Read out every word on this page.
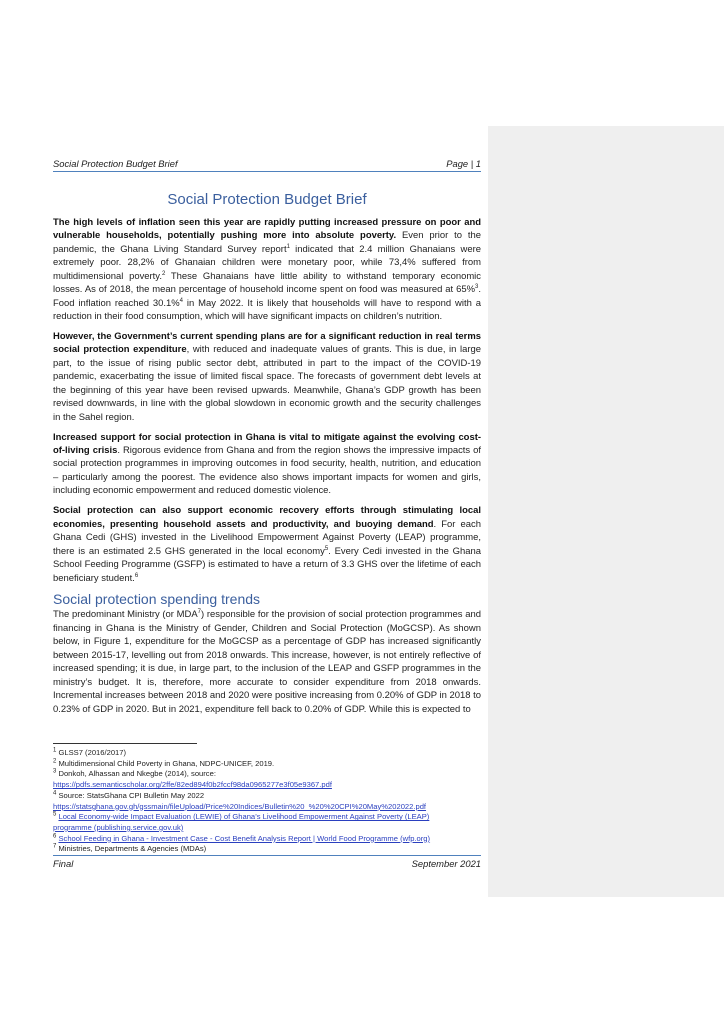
Social Protection Budget Brief	Page | 1
Social Protection Budget Brief

The high levels of inflation seen this year are rapidly putting increased pressure on poor and vulnerable households, potentially pushing more into absolute poverty. Even prior to the pandemic, the Ghana Living Standard Survey report$^1$ indicated that 2.4 million Ghanaians were extremely poor. 28,2% of Ghanaian children were monetary poor, while 73,4% suffered from multidimensional poverty.$^2$ These Ghanaians have little ability to withstand temporary economic losses. As of 2018, the mean percentage of household income spent on food was measured at 65%$^3$. Food inflation reached 30.1%$^4$ in May 2022. It is likely that households will have to respond with a reduction in their food consumption, which will have significant impacts on children’s nutrition.

However, the Government’s current spending plans are for a significant reduction in real terms social protection expenditure, with reduced and inadequate values of grants. This is due, in large part, to the issue of rising public sector debt, attributed in part to the impact of the COVID-19 pandemic, exacerbating the issue of limited fiscal space. The forecasts of government debt levels at the beginning of this year have been revised upwards. Meanwhile, Ghana’s GDP growth has been revised downwards, in line with the global slowdown in economic growth and the security challenges in the Sahel region.

Increased support for social protection in Ghana is vital to mitigate against the evolving cost-of-living crisis. Rigorous evidence from Ghana and from the region shows the impressive impacts of social protection programmes in improving outcomes in food security, health, nutrition, and education – particularly among the poorest. The evidence also shows important impacts for women and girls, including economic empowerment and reduced domestic violence.

Social protection can also support economic recovery efforts through stimulating local economies, presenting household assets and productivity, and buoying demand. For each Ghana Cedi (GHS) invested in the Livelihood Empowerment Against Poverty (LEAP) programme, there is an estimated 2.5 GHS generated in the local economy$^5$. Every Cedi invested in the Ghana School Feeding Programme (GSFP) is estimated to have a return of 3.3 GHS over the lifetime of each beneficiary student.$^6$

Social protection spending trends

The predominant Ministry (or MDA$^7$) responsible for the provision of social protection programmes and financing in Ghana is the Ministry of Gender, Children and Social Protection (MoGCSP). As shown below, in Figure 1, expenditure for the MoGCSP as a percentage of GDP has increased significantly between 2015-17, levelling out from 2018 onwards. This increase, however, is not entirely reflective of increased spending; it is due, in large part, to the inclusion of the LEAP and GSFP programmes in the ministry’s budget. It is, therefore, more accurate to consider expenditure from 2018 onwards. Incremental increases between 2018 and 2020 were positive increasing from 0.20% of GDP in 2018 to 0.23% of GDP in 2020. But in 2021, expenditure fell back to 0.20% of GDP. While this is expected to

$^1$ GLSS7 (2016/2017)
$^2$ Multidimensional Child Poverty in Ghana, NDPC-UNICEF, 2019.
$^3$ Donkoh, Alhassan and Nkegbe (2014), source:
https://pdfs.semanticscholar.org/2ffe/82ed894f0b2fccf98da0965277e3f05e9367.pdf
$^4$ Source: StatsGhana CPI Bulletin May 2022
https://statsghana.gov.gh/gssmain/fileUpload/Price%20Indices/Bulletin%20_%20%20CPI%20May%202022.pdf
$^5$ Local Economy-wide Impact Evaluation (LEWIE) of Ghana’s Livelihood Empowerment Against Poverty (LEAP)
programme (publishing.service.gov.uk)
$^6$ School Feeding in Ghana - Investment Case - Cost Benefit Analysis Report | World Food Programme (wfp.org)
$^7$ Ministries, Departments & Agencies (MDAs)
Final	September 2021
